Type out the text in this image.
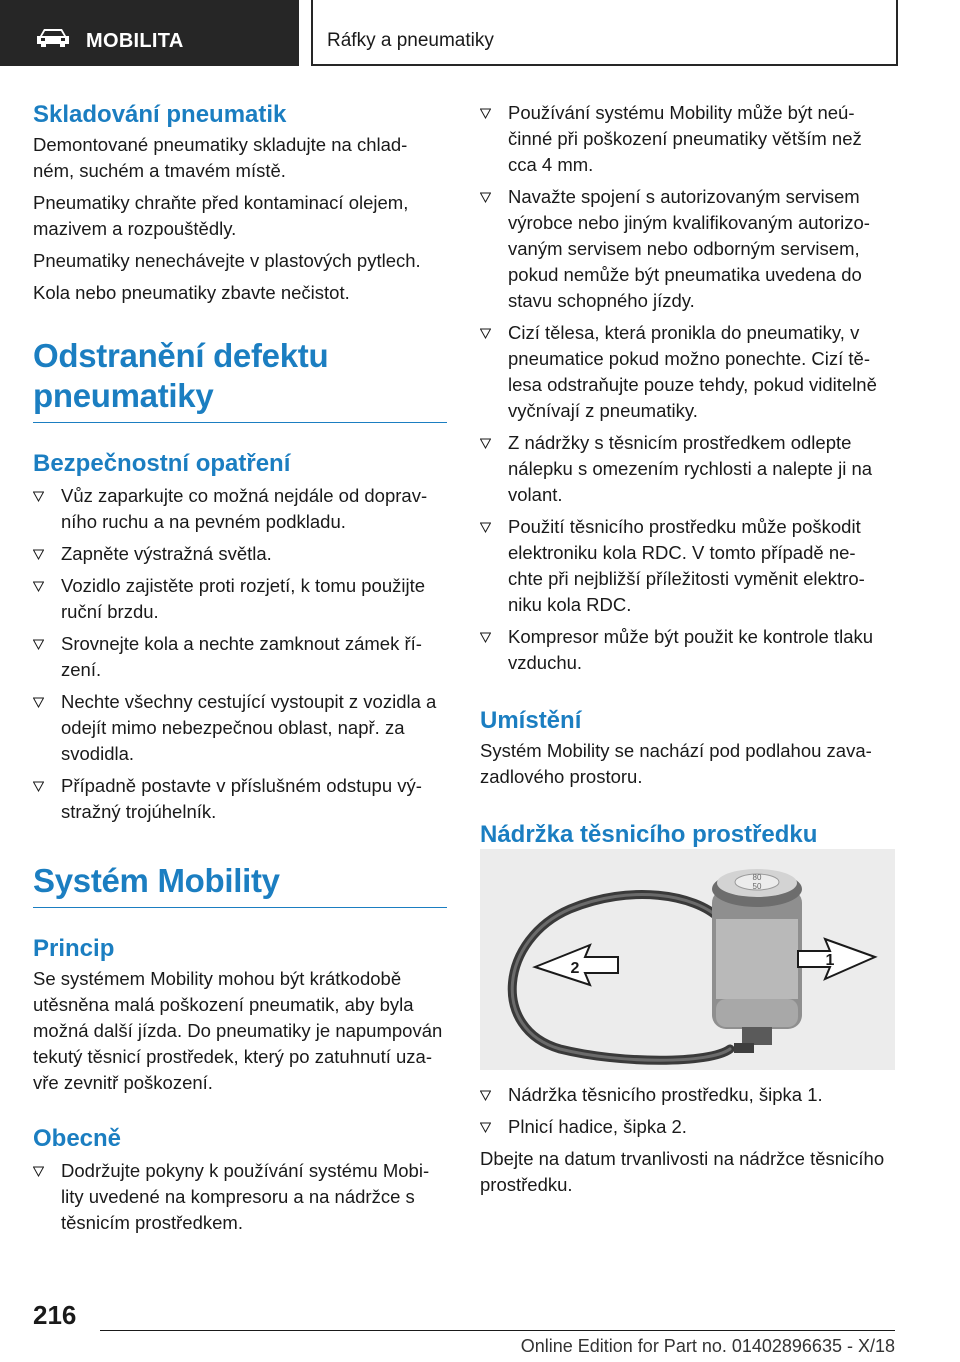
MOBILITA	Ráfky a pneumatiky
Skladování pneumatik

Demontované pneumatiky skladujte na chlad‐ ném, suchém a tmavém místě.

Pneumatiky chraňte před kontaminací olejem, mazivem a rozpouštědly.

Pneumatiky nenechávejte v plastových pytlech.

Kola nebo pneumatiky zbavte nečistot.

Odstranění defektu pneumatiky
Bezpečnostní opatření
Vůz zaparkujte co možná nejdále od doprav‐ ního ruchu a na pevném podkladu.
Zapněte výstražná světla.
Vozidlo zajistěte proti rozjetí, k tomu použijte ruční brzdu.
Srovnejte kola a nechte zamknout zámek ří‐ zení.
Nechte všechny cestující vystoupit z vozidla a odejít mimo nebezpečnou oblast, např. za svodidla.
Případně postavte v příslušném odstupu vý‐ stražný trojúhelník.
Systém Mobility
Princip

Se systémem Mobility mohou být krátkodobě utěsněna malá poškození pneumatik, aby byla možná další jízda. Do pneumatiky je napumpován tekutý těsnicí prostředek, který po zatuhnutí uza‐ vře zevnitř poškození.

Obecně
Dodržujte pokyny k používání systému Mobi‐ lity uvedené na kompresoru a na nádržce s těsnicím prostředkem.
Používání systému Mobility může být neú‐ činné při poškození pneumatiky větším než cca 4 mm.
Navažte spojení s autorizovaným servisem výrobce nebo jiným kvalifikovaným autorizo‐ vaným servisem nebo odborným servisem, pokud nemůže být pneumatika uvedena do stavu schopného jízdy.
Cizí tělesa, která pronikla do pneumatiky, v pneumatice pokud možno ponechte. Cizí tě‐ lesa odstraňujte pouze tehdy, pokud viditelně vyčnívají z pneumatiky.
Z nádržky s těsnicím prostředkem odlepte nálepku s omezením rychlosti a nalepte ji na volant.
Použití těsnicího prostředku může poškodit elektroniku kola RDC. V tomto případě ne‐ chte při nejbližší příležitosti vyměnit elektro‐ niku kola RDC.
Kompresor může být použit ke kontrole tlaku vzduchu.
Umístění

Systém Mobility se nachází pod podlahou zava‐ zadlového prostoru.

Nádržka těsnicího prostředku
80
50
1
2
Nádržka těsnicího prostředku, šipka 1.
Plnicí hadice, šipka 2.

Dbejte na datum trvanlivosti na nádržce těsnicího prostředku.

216
Online Edition for Part no. 01402896635 - X/18
